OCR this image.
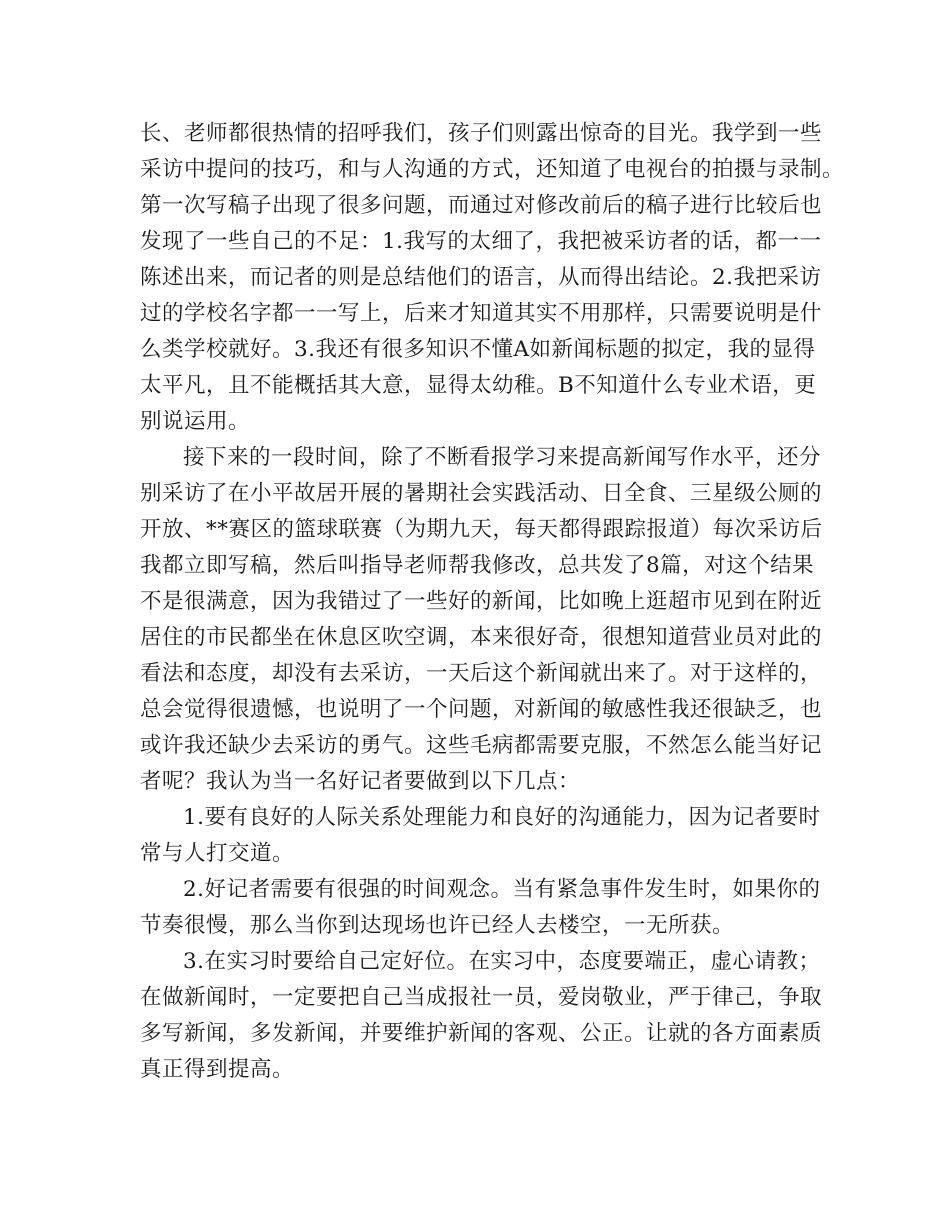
长、老师都很热情的招呼我们，孩子们则露出惊奇的目光。我学到一些
采访中提问的技巧，和与人沟通的方式，还知道了电视台的拍摄与录制。
第一次写稿子出现了很多问题，而通过对修改前后的稿子进行比较后也
发现了一些自己的不足：1.我写的太细了，我把被采访者的话，都一一
陈述出来，而记者的则是总结他们的语言，从而得出结论。2.我把采访
过的学校名字都一一写上，后来才知道其实不用那样，只需要说明是什
么类学校就好。3.我还有很多知识不懂A如新闻标题的拟定，我的显得
太平凡，且不能概括其大意，显得太幼稚。B不知道什么专业术语，更
别说运用。
接下来的一段时间，除了不断看报学习来提高新闻写作水平，还分
别采访了在小平故居开展的暑期社会实践活动、日全食、三星级公厕的
开放、**赛区的篮球联赛（为期九天，每天都得跟踪报道）每次采访后
我都立即写稿，然后叫指导老师帮我修改，总共发了8篇，对这个结果
不是很满意，因为我错过了一些好的新闻，比如晚上逛超市见到在附近
居住的市民都坐在休息区吹空调，本来很好奇，很想知道营业员对此的
看法和态度，却没有去采访，一天后这个新闻就出来了。对于这样的，
总会觉得很遗憾，也说明了一个问题，对新闻的敏感性我还很缺乏，也
或许我还缺少去采访的勇气。这些毛病都需要克服，不然怎么能当好记
者呢？我认为当一名好记者要做到以下几点：
1.要有良好的人际关系处理能力和良好的沟通能力，因为记者要时
常与人打交道。
2.好记者需要有很强的时间观念。当有紧急事件发生时，如果你的
节奏很慢，那么当你到达现场也许已经人去楼空，一无所获。
3.在实习时要给自己定好位。在实习中，态度要端正，虚心请教；
在做新闻时，一定要把自己当成报社一员，爱岗敬业，严于律己，争取
多写新闻，多发新闻，并要维护新闻的客观、公正。让就的各方面素质
真正得到提高。
